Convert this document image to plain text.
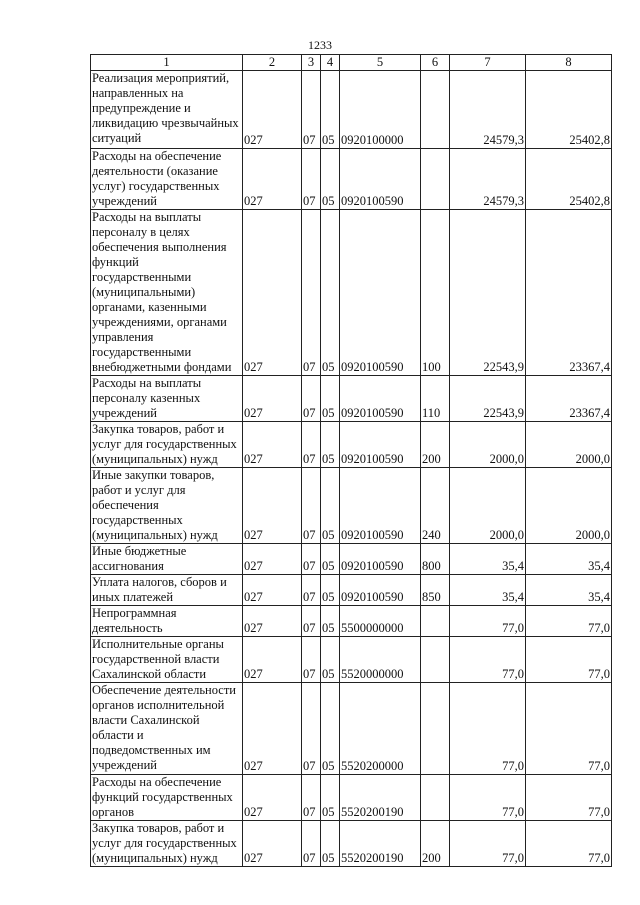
1233
1	2	3	4	5	6	7	8
Реализация мероприятий, направленных на предупреждение и ликвидацию чрезвычайных ситуаций	027	07	05	0920100000		24579,3	25402,8
Расходы на обеспечение деятельности (оказание услуг) государственных учреждений	027	07	05	0920100590		24579,3	25402,8
Расходы на выплаты персоналу в целях обеспечения выполнения функций государственными (муниципальными) органами, казенными учреждениями, органами управления государственными внебюджетными фондами	027	07	05	0920100590	100	22543,9	23367,4
Расходы на выплаты персоналу казенных учреждений	027	07	05	0920100590	110	22543,9	23367,4
Закупка товаров, работ и услуг для государственных (муниципальных) нужд	027	07	05	0920100590	200	2000,0	2000,0
Иные закупки товаров, работ и услуг для обеспечения государственных (муниципальных) нужд	027	07	05	0920100590	240	2000,0	2000,0
Иные бюджетные ассигнования	027	07	05	0920100590	800	35,4	35,4
Уплата налогов, сборов и иных платежей	027	07	05	0920100590	850	35,4	35,4
Непрограммная деятельность	027	07	05	5500000000		77,0	77,0
Исполнительные органы государственной власти Сахалинской области	027	07	05	5520000000		77,0	77,0
Обеспечение деятельности органов исполнительной власти Сахалинской области и подведомственных им учреждений	027	07	05	5520200000		77,0	77,0
Расходы на обеспечение функций государственных органов	027	07	05	5520200190		77,0	77,0
Закупка товаров, работ и услуг для государственных (муниципальных) нужд	027	07	05	5520200190	200	77,0	77,0
